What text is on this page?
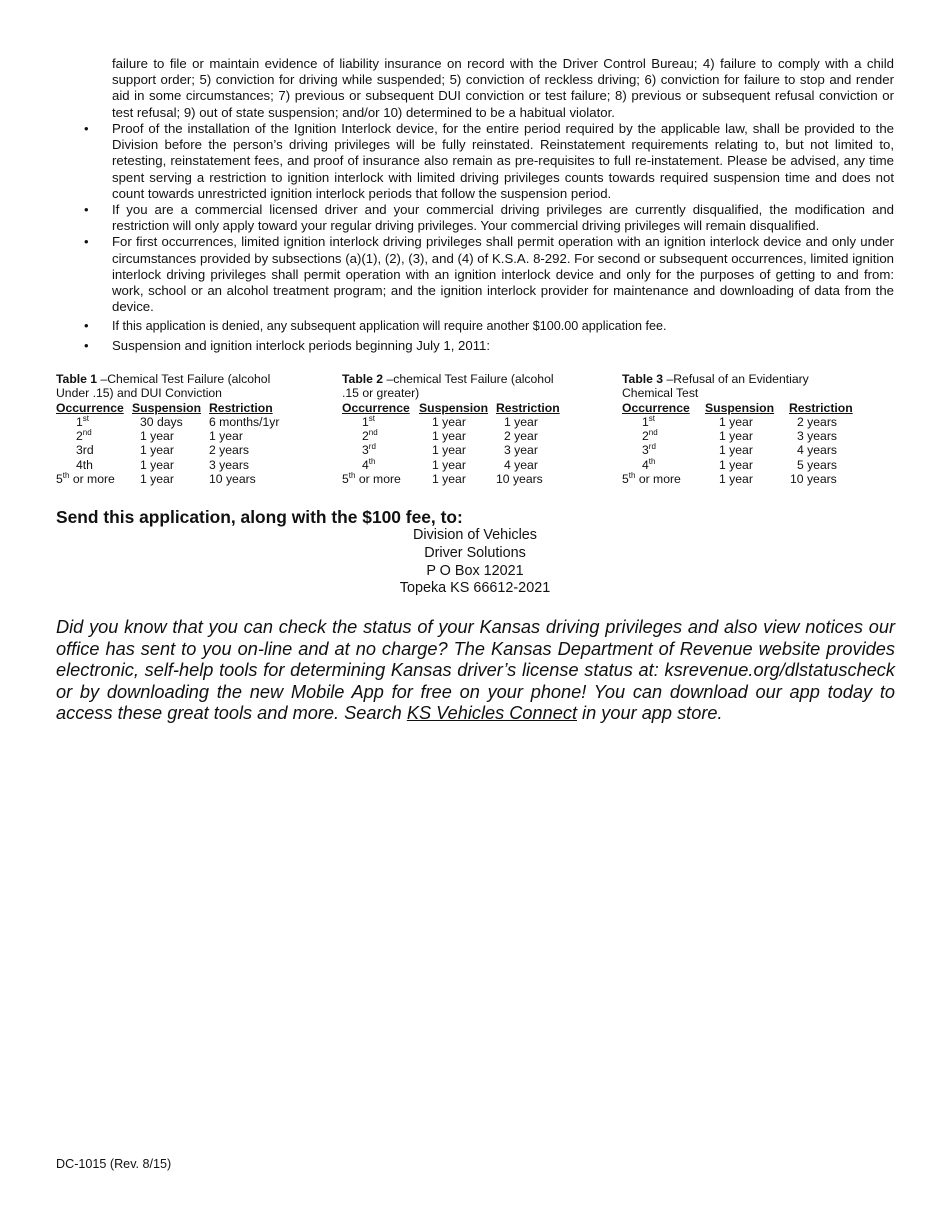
failure to file or maintain evidence of liability insurance on record with the Driver Control Bureau; 4) failure to comply with a child support order; 5) conviction for driving while suspended; 5) conviction of reckless driving; 6) conviction for failure to stop and render aid in some circumstances; 7) previous or subsequent DUI conviction or test failure; 8) previous or subsequent refusal conviction or test refusal; 9) out of state suspension; and/or 10) determined to be a habitual violator.

• Proof of the installation of the Ignition Interlock device, for the entire period required by the applicable law, shall be provided to the Division before the person’s driving privileges will be fully reinstated. Reinstatement requirements relating to, but not limited to, retesting, reinstatement fees, and proof of insurance also remain as pre-requisites to full re-instatement. Please be advised, any time spent serving a restriction to ignition interlock with limited driving privileges counts towards required suspension time and does not count towards unrestricted ignition interlock periods that follow the suspension period.
• If you are a commercial licensed driver and your commercial driving privileges are currently disqualified, the modification and restriction will only apply toward your regular driving privileges. Your commercial driving privileges will remain disqualified.
• For first occurrences, limited ignition interlock driving privileges shall permit operation with an ignition interlock device and only under circumstances provided by subsections (a)(1), (2), (3), and (4) of K.S.A. 8-292. For second or subsequent occurrences, limited ignition interlock driving privileges shall permit operation with an ignition interlock device and only for the purposes of getting to and from: work, school or an alcohol treatment program; and the ignition interlock provider for maintenance and downloading of data from the device.
• If this application is denied, any subsequent application will require another $100.00 application fee.
• Suspension and ignition interlock periods beginning July 1, 2011:
Table 1 –Chemical Test Failure (alcohol
Under .15) and DUI Conviction
Occurrence	Suspension	Restriction
1st	30 days	6 months/1yr
2nd	1 year	1 year
3rd	1 year	2 years
4th	1 year	3 years
5th or more	1 year	10 years
Table 2 –chemical Test Failure (alcohol
.15 or greater)
Occurrence	Suspension	Restriction
1st	1 year	1 year
2nd	1 year	2 year
3rd	1 year	3 year
4th	1 year	4 year
5th or more	1 year	10 years
Table 3 –Refusal of an Evidentiary
Chemical Test
Occurrence	Suspension	Restriction
1st	1 year	2 years
2nd	1 year	3 years
3rd	1 year	4 years
4th	1 year	5 years
5th or more	1 year	10 years
Send this application, along with the $100 fee, to:
Division of Vehicles
Driver Solutions
P O Box 12021
Topeka KS 66612-2021

Did you know that you can check the status of your Kansas driving privileges and also view notices our office has sent to you on-line and at no charge? The Kansas Department of Revenue website provides electronic, self-help tools for determining Kansas driver’s license status at: ksrevenue.org/dlstatuscheck or by downloading the new Mobile App for free on your phone! You can download our app today to access these great tools and more. Search KS Vehicles Connect in your app store.

DC-1015 (Rev. 8/15)
